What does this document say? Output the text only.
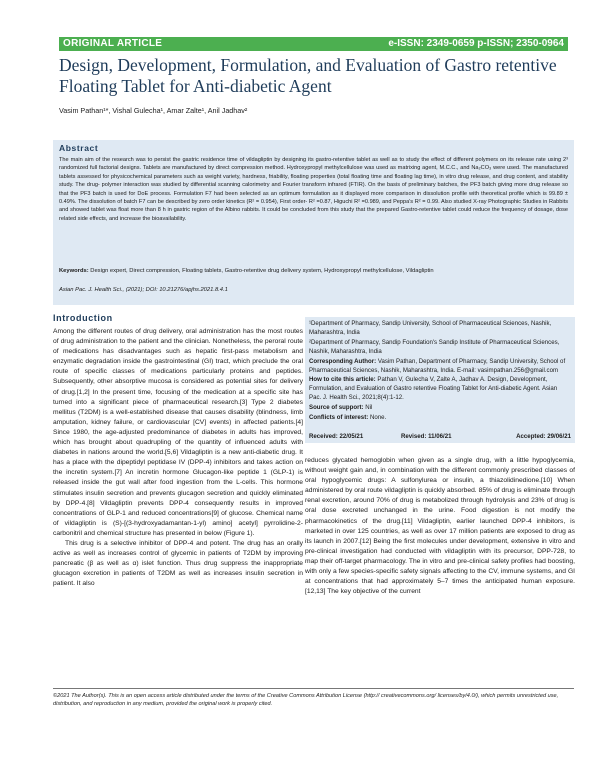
ORIGINAL ARTICLE	e-ISSN: 2349-0659 p-ISSN; 2350-0964
Design, Development, Formulation, and Evaluation of Gastro retentive Floating Tablet for Anti-diabetic Agent
Vasim Pathan¹*, Vishal Gulecha¹, Amar Zalte¹, Anil Jadhav²
Abstract
The main aim of the research was to persist the gastric residence time of vildagliptin by designing its gastro-retentive tablet as well as to study the effect of different polymers on its release rate using 2³ randomized full factorial designs. Tablets are manufactured by direct compression method. Hydroxypropyl methylcellulose was used as matrixing agent, M.C.C., and Na₂CO₃ were used. The manufactured tablets assessed for physicochemical parameters such as weight variety, hardness, friability, floating properties (total floating time and floating lag time), in vitro drug release, and drug content, and stability study. The drug- polymer interaction was studied by differential scanning calorimetry and Fourier transform infrared (FTIR). On the basis of preliminary batches, the PF3 batch giving more drug release so that the PF3 batch is used for DoE process. Formulation F7 had been selected as an optimum formulation as it displayed more comparison in dissolution profile with theoretical profile which is 99.89 ± 0.49%. The dissolution of batch F7 can be described by zero order kinetics (R² = 0.954), First order- R² =0.87, Higuchi R² =0.989, and Peppa's R² = 0.99. Also studied X-ray Photographic Studies in Rabbits and showed tablet was float more than 8 h in gastric region of the Albino rabbits. It could be concluded from this study that the prepared Gastro-retentive tablet could reduce the frequency of dosage, dose related side effects, and increase the bioavailability.
Keywords: Design expert, Direct compression, Floating tablets, Gastro-retentive drug delivery system, Hydroxypropyl methylcellulose, Vildagliptin
Asian Pac. J. Health Sci., (2021); DOI: 10.21276/apjhs.2021.8.4.1
Introduction

Among the different routes of drug delivery, oral administration has the most routes of drug administration to the patient and the clinician. Nonetheless, the peroral route of medications has disadvantages such as hepatic first-pass metabolism and enzymatic degradation inside the gastrointestinal (GI) tract, which preclude the oral route of specific classes of medications particularly proteins and peptides. Subsequently, other absorptive mucosa is considered as potential sites for delivery of drug.[1,2] In the present time, focusing of the medication at a specific site has turned into a significant piece of pharmaceutical research.[3] Type 2 diabetes mellitus (T2DM) is a well-established disease that causes disability (blindness, limb amputation, kidney failure, or cardiovascular [CV] events) in affected patients.[4] Since 1980, the age-adjusted predominance of diabetes in adults has improved, which has brought about quadrupling of the quantity of influenced adults with diabetes in nations around the world.[5,6] Vildagliptin is a new anti-diabetic drug. It has a place with the dipeptidyl peptidase IV (DPP-4) inhibitors and takes action on the incretin system.[7] An incretin hormone Glucagon-like peptide 1 (GLP-1) is released inside the gut wall after food ingestion from the L-cells. This hormone stimulates insulin secretion and prevents glucagon secretion and quickly eliminated by DPP-4.[8] Vildagliptin prevents DPP-4 consequently results in improved concentrations of GLP-1 and reduced concentrations[9] of glucose. Chemical name of vildagliptin is (S)-[(3-hydroxyadamantan-1-yl) amino] acetyl] pyrrolidine-2- carbonitril and chemical structure has presented in below (Figure 1).

This drug is a selective inhibitor of DPP-4 and potent. The drug has an orally active as well as increases control of glycemic in patients of T2DM by improving pancreatic (β as well as α) islet function. Thus drug suppress the inappropriate glucagon excretion in patients of T2DM as well as increases insulin secretion in patient. It also

¹Department of Pharmacy, Sandip University, School of Pharmaceutical Sciences, Nashik, Maharashtra, India

²Department of Pharmacy, Sandip Foundation's Sandip Institute of Pharmaceutical Sciences, Nashik, Maharashtra, India

Corresponding Author: Vasim Pathan, Department of Pharmacy, Sandip University, School of Pharmaceutical Sciences, Nashik, Maharashtra, India. E-mail: vasimpathan.256@gmail.com

How to cite this article: Pathan V, Gulecha V, Zalte A, Jadhav A. Design, Development, Formulation, and Evaluation of Gastro retentive Floating Tablet for Anti-diabetic Agent. Asian Pac. J. Health Sci., 2021;8(4):1-12.

Source of support: Nil

Conflicts of interest: None.

Received: 22/05/21	Revised: 11/06/21	Accepted: 29/06/21

reduces glycated hemoglobin when given as a single drug, with a little hypoglycemia, without weight gain and, in combination with the different commonly prescribed classes of oral hypoglycemic drugs: A sulfonylurea or insulin, a thiazolidinedione.[10] When administered by oral route vildagliptin is quickly absorbed. 85% of drug is eliminate through renal excretion, around 70% of drug is metabolized through hydrolysis and 23% of drug is oral dose excreted unchanged in the urine. Food digestion is not modify the pharmacokinetics of the drug.[11] Vildagliptin, earlier launched DPP-4 inhibitors, is marketed in over 125 countries, as well as over 17 million patients are exposed to drug as its launch in 2007.[12] Being the first molecules under development, extensive in vitro and pre-clinical investigation had conducted with vildagliptin with its precursor, DPP-728, to map their off-target pharmacology. The in vitro and pre-clinical safety profiles had boosting, with only a few species-specific safety signals affecting to the CV, immune systems, and GI at concentrations that had approximately 5–7 times the anticipated human exposure.[12,13] The key objective of the current

©2021 The Author(s). This is an open access article distributed under the terms of the Creative Commons Attribution License (http:// creativecommons.org/ licenses/by/4.0/), which permits unrestricted use, distribution, and reproduction in any medium, provided the original work is properly cited.
